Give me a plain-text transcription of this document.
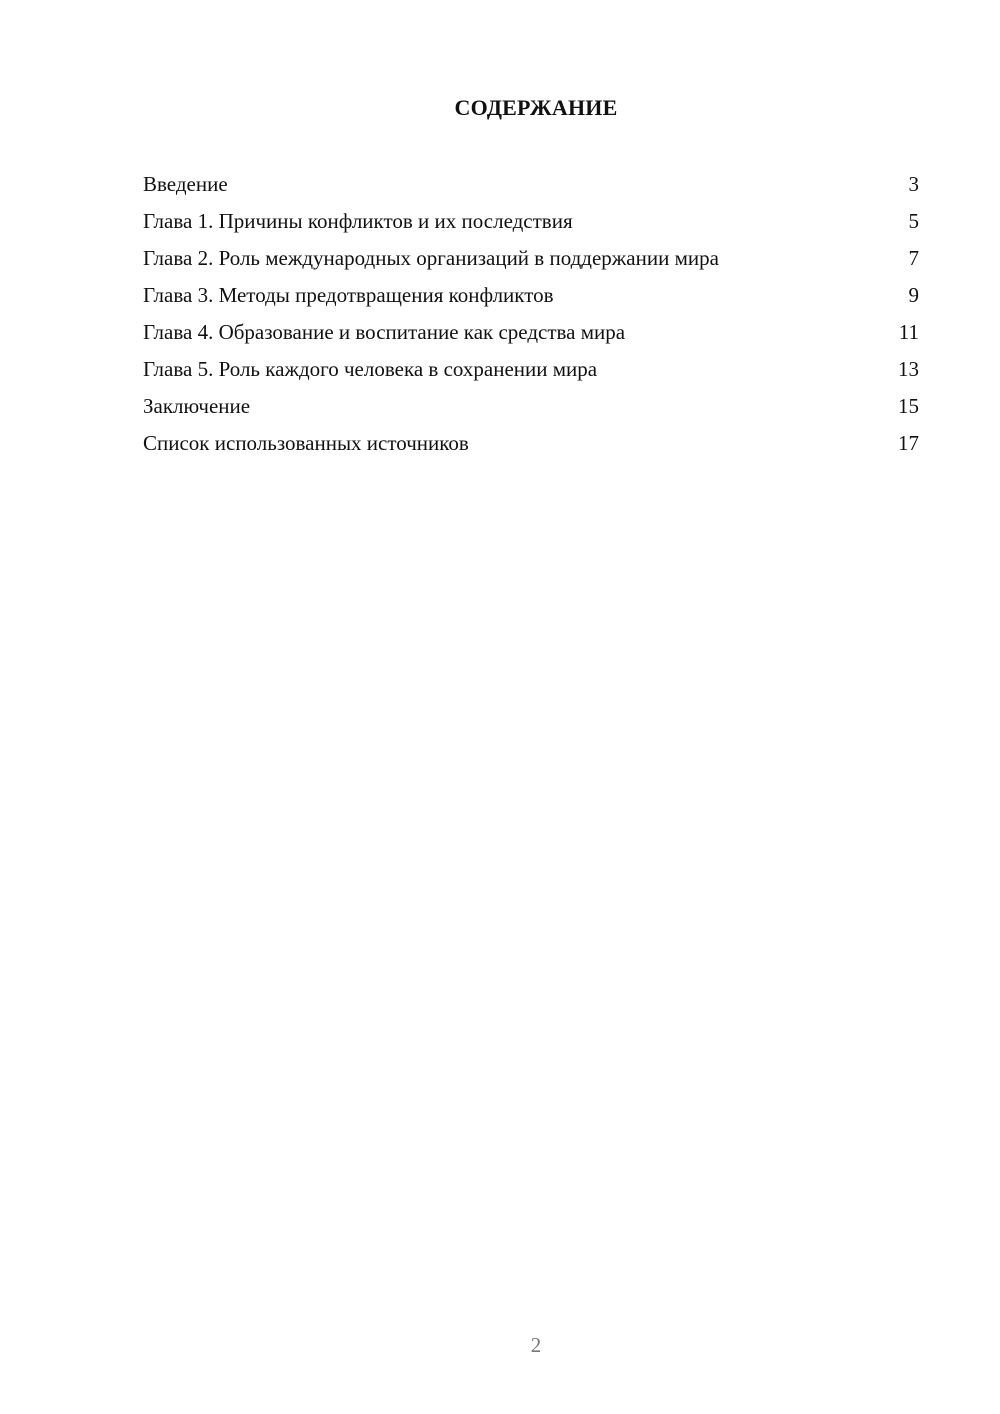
СОДЕРЖАНИЕ
Введение	3
Глава 1. Причины конфликтов и их последствия	5
Глава 2. Роль международных организаций в поддержании мира	7
Глава 3. Методы предотвращения конфликтов	9
Глава 4. Образование и воспитание как средства мира	11
Глава 5. Роль каждого человека в сохранении мира	13
Заключение	15
Список использованных источников	17
2
